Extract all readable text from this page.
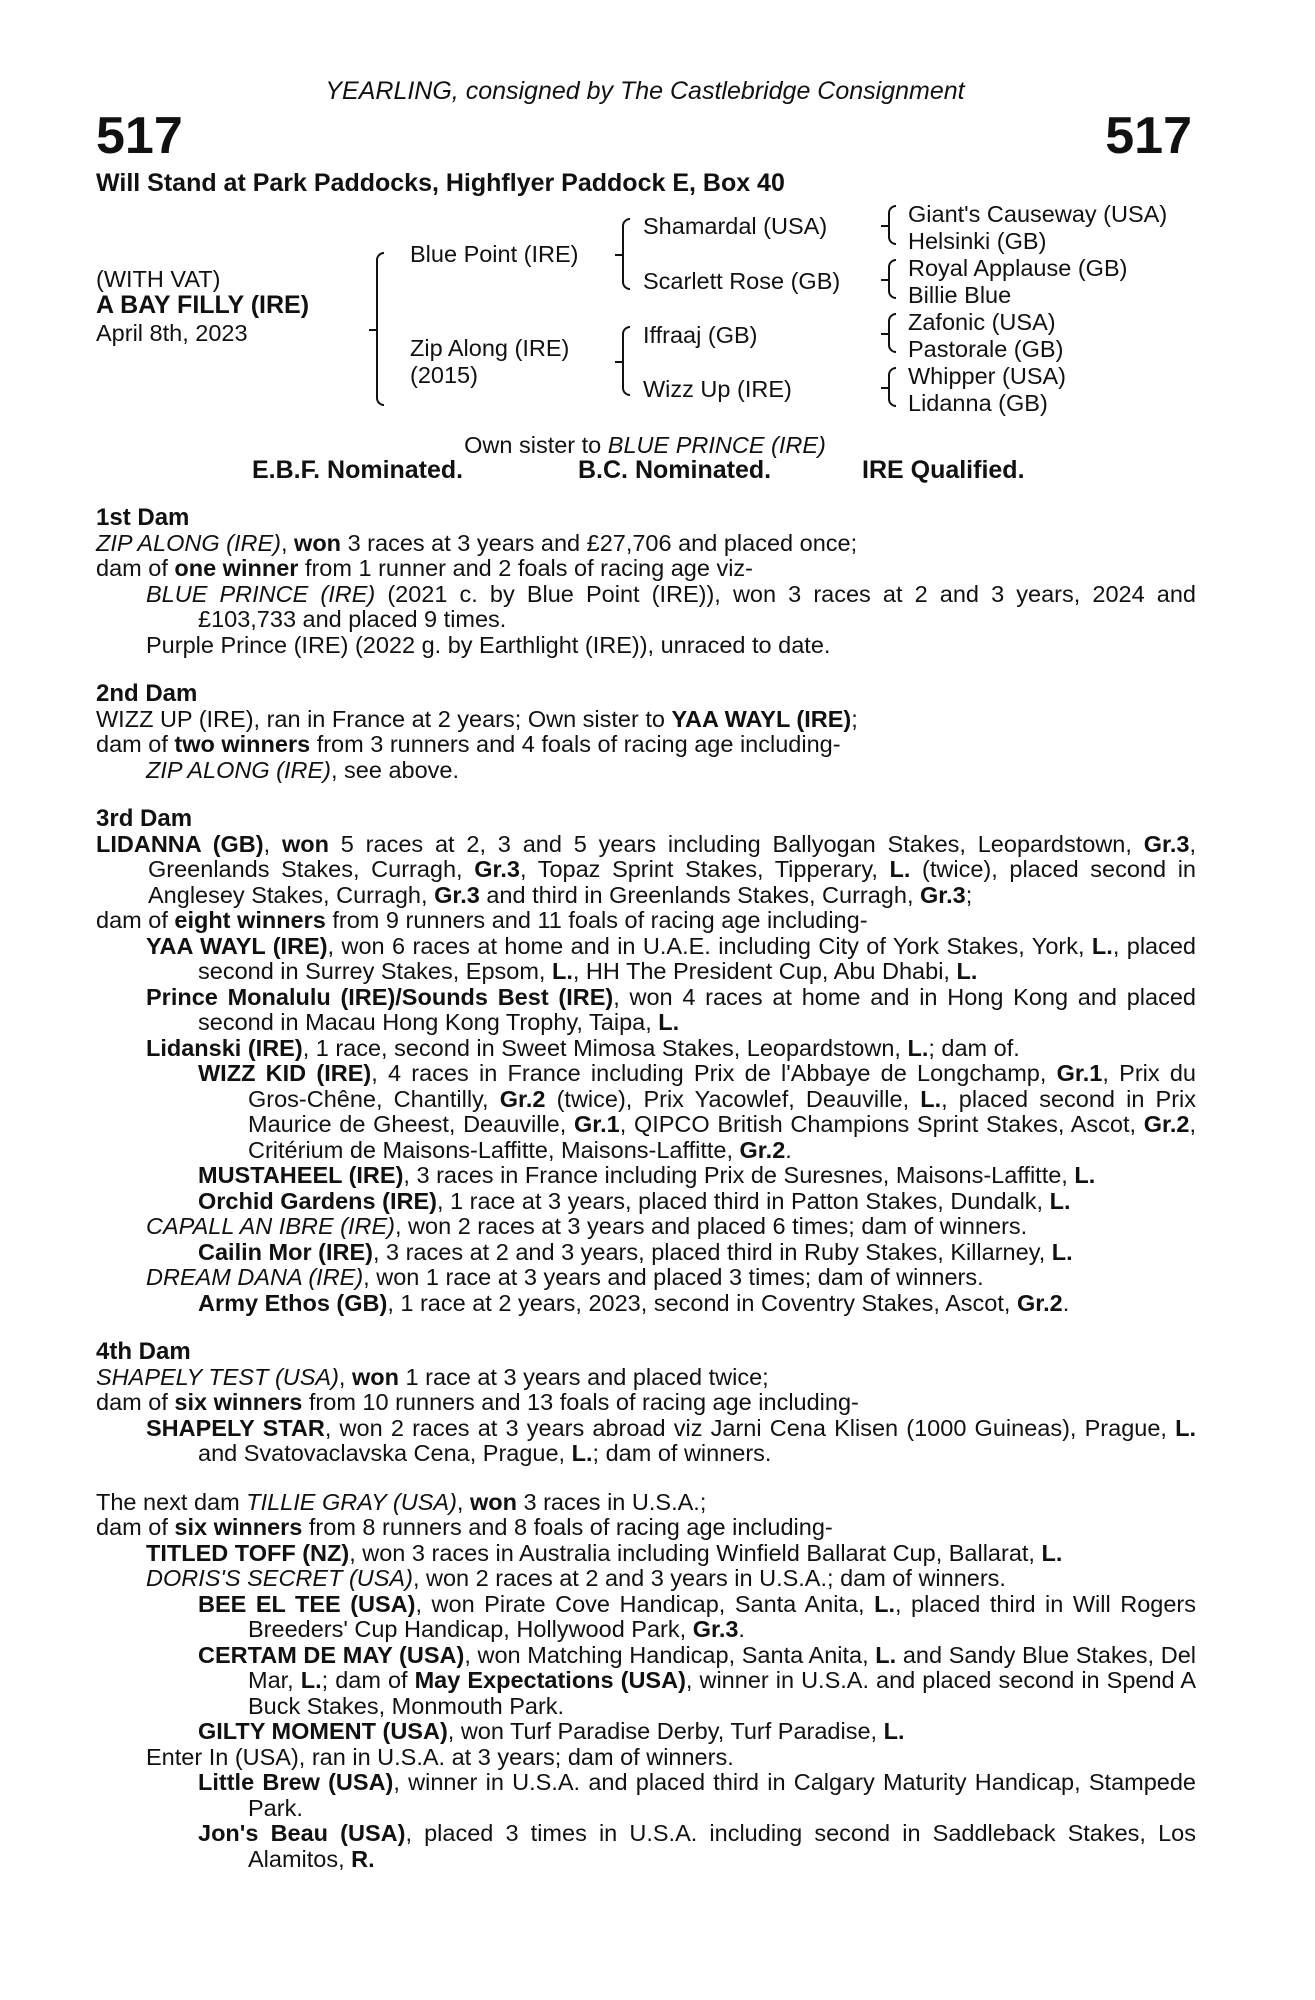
YEARLING, consigned by The Castlebridge Consignment
517	517
Will Stand at Park Paddocks, Highflyer Paddock E, Box 40
(WITH VAT)
A BAY FILLY (IRE)
April 8th, 2023
Blue Point (IRE)
Zip Along (IRE)
(2015)
Shamardal (USA)
Scarlett Rose (GB)
Iffraaj (GB)
Wizz Up (IRE)
Giant's Causeway (USA)
Helsinki (GB)
Royal Applause (GB)
Billie Blue
Zafonic (USA)
Pastorale (GB)
Whipper (USA)
Lidanna (GB)
Own sister to BLUE PRINCE (IRE)
E.B.F. Nominated.	B.C. Nominated.	IRE Qualified.
1st Dam
ZIP ALONG (IRE), won 3 races at 3 years and £27,706 and placed once;
dam of one winner from 1 runner and 2 foals of racing age viz-
BLUE PRINCE (IRE) (2021 c. by Blue Point (IRE)), won 3 races at 2 and 3 years, 2024 and £103,733 and placed 9 times.
Purple Prince (IRE) (2022 g. by Earthlight (IRE)), unraced to date.
2nd Dam
WIZZ UP (IRE), ran in France at 2 years; Own sister to YAA WAYL (IRE);
dam of two winners from 3 runners and 4 foals of racing age including-
ZIP ALONG (IRE), see above.
3rd Dam
LIDANNA (GB), won 5 races at 2, 3 and 5 years including Ballyogan Stakes, Leopardstown, Gr.3, Greenlands Stakes, Curragh, Gr.3, Topaz Sprint Stakes, Tipperary, L. (twice), placed second in Anglesey Stakes, Curragh, Gr.3 and third in Greenlands Stakes, Curragh, Gr.3;
dam of eight winners from 9 runners and 11 foals of racing age including-
YAA WAYL (IRE), won 6 races at home and in U.A.E. including City of York Stakes, York, L., placed second in Surrey Stakes, Epsom, L., HH The President Cup, Abu Dhabi, L.
Prince Monalulu (IRE)/Sounds Best (IRE), won 4 races at home and in Hong Kong and placed second in Macau Hong Kong Trophy, Taipa, L.
Lidanski (IRE), 1 race, second in Sweet Mimosa Stakes, Leopardstown, L.; dam of.
WIZZ KID (IRE), 4 races in France including Prix de l'Abbaye de Longchamp, Gr.1, Prix du Gros-Chêne, Chantilly, Gr.2 (twice), Prix Yacowlef, Deauville, L., placed second in Prix Maurice de Gheest, Deauville, Gr.1, QIPCO British Champions Sprint Stakes, Ascot, Gr.2, Critérium de Maisons-Laffitte, Maisons-Laffitte, Gr.2.
MUSTAHEEL (IRE), 3 races in France including Prix de Suresnes, Maisons-Laffitte, L.
Orchid Gardens (IRE), 1 race at 3 years, placed third in Patton Stakes, Dundalk, L.
CAPALL AN IBRE (IRE), won 2 races at 3 years and placed 6 times; dam of winners.
Cailin Mor (IRE), 3 races at 2 and 3 years, placed third in Ruby Stakes, Killarney, L.
DREAM DANA (IRE), won 1 race at 3 years and placed 3 times; dam of winners.
Army Ethos (GB), 1 race at 2 years, 2023, second in Coventry Stakes, Ascot, Gr.2.
4th Dam
SHAPELY TEST (USA), won 1 race at 3 years and placed twice;
dam of six winners from 10 runners and 13 foals of racing age including-
SHAPELY STAR, won 2 races at 3 years abroad viz Jarni Cena Klisen (1000 Guineas), Prague, L. and Svatovaclavska Cena, Prague, L.; dam of winners.
The next dam TILLIE GRAY (USA), won 3 races in U.S.A.;
dam of six winners from 8 runners and 8 foals of racing age including-
TITLED TOFF (NZ), won 3 races in Australia including Winfield Ballarat Cup, Ballarat, L.
DORIS'S SECRET (USA), won 2 races at 2 and 3 years in U.S.A.; dam of winners.
BEE EL TEE (USA), won Pirate Cove Handicap, Santa Anita, L., placed third in Will Rogers Breeders' Cup Handicap, Hollywood Park, Gr.3.
CERTAM DE MAY (USA), won Matching Handicap, Santa Anita, L. and Sandy Blue Stakes, Del Mar, L.; dam of May Expectations (USA), winner in U.S.A. and placed second in Spend A Buck Stakes, Monmouth Park.
GILTY MOMENT (USA), won Turf Paradise Derby, Turf Paradise, L.
Enter In (USA), ran in U.S.A. at 3 years; dam of winners.
Little Brew (USA), winner in U.S.A. and placed third in Calgary Maturity Handicap, Stampede Park.
Jon's Beau (USA), placed 3 times in U.S.A. including second in Saddleback Stakes, Los Alamitos, R.
